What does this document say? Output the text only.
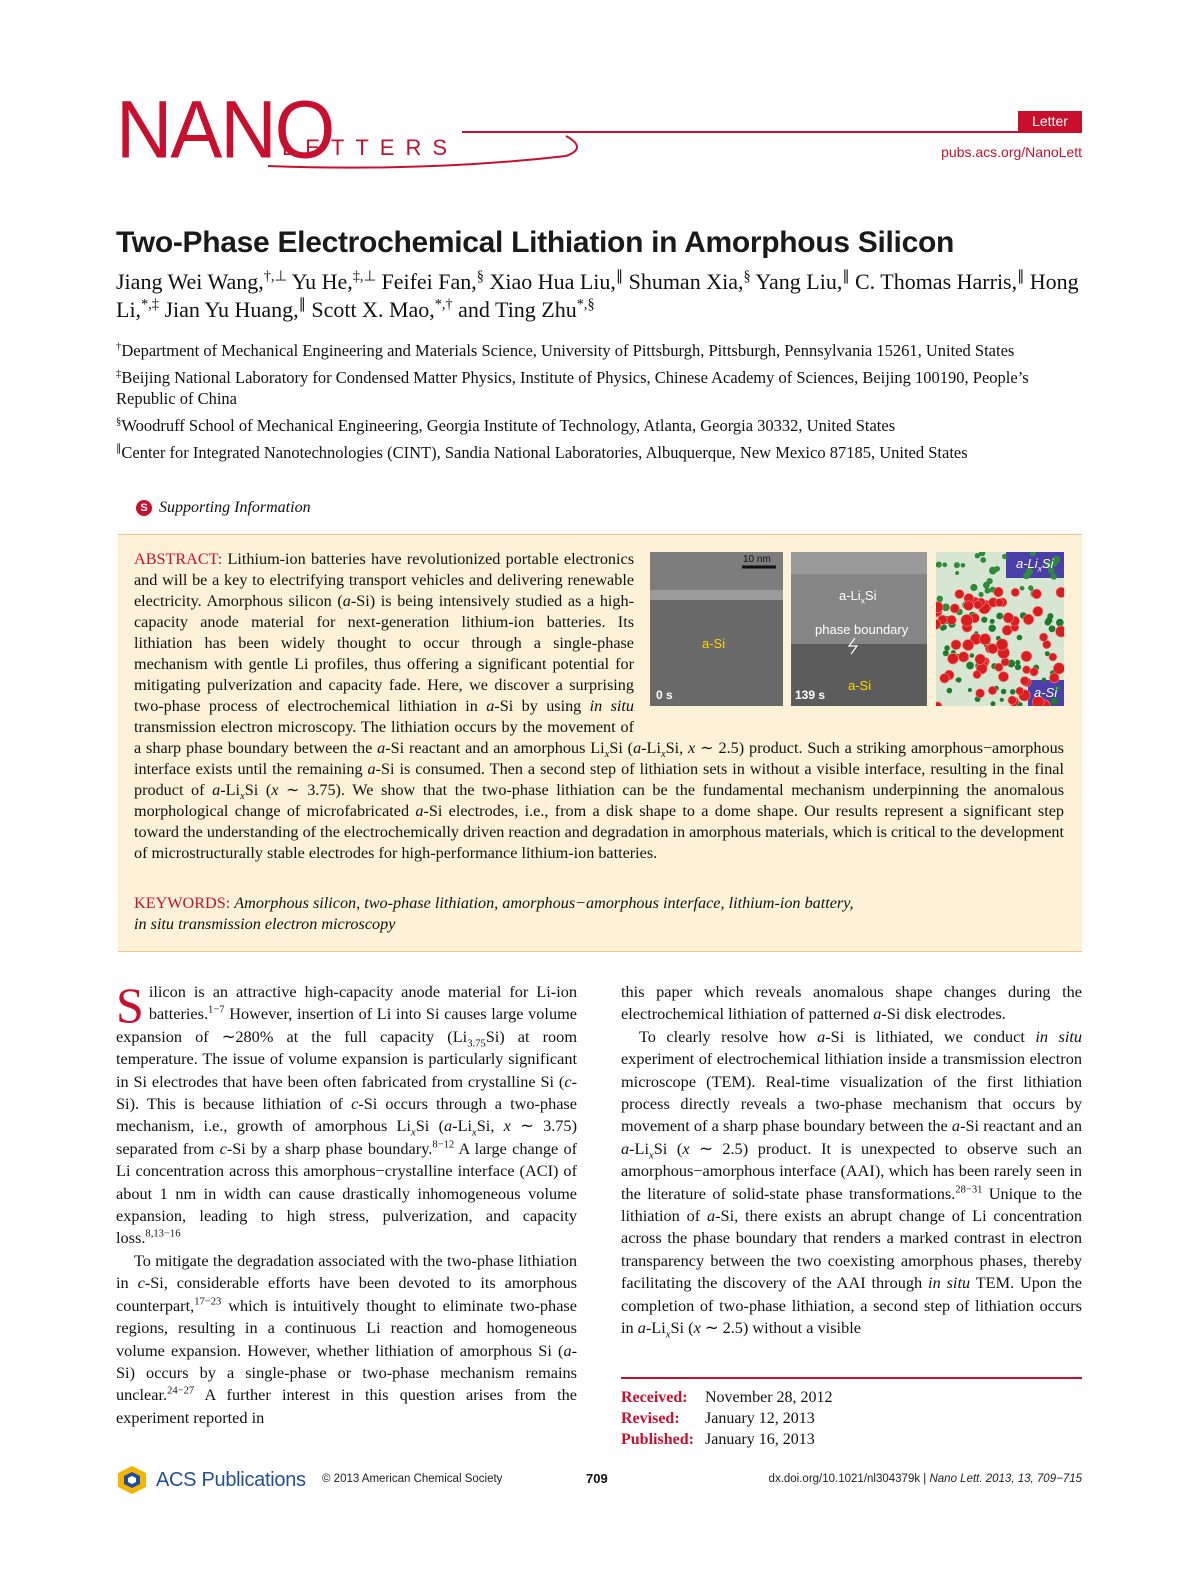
NANO
LETTERS
Letter
pubs.acs.org/NanoLett
Two-Phase Electrochemical Lithiation in Amorphous Silicon
Jiang Wei Wang,†,⊥ Yu He,‡,⊥ Feifei Fan,§ Xiao Hua Liu,∥ Shuman Xia,§ Yang Liu,∥ C. Thomas Harris,∥ Hong Li,*,‡ Jian Yu Huang,∥ Scott X. Mao,*,† and Ting Zhu*,§

†Department of Mechanical Engineering and Materials Science, University of Pittsburgh, Pittsburgh, Pennsylvania 15261, United States

‡Beijing National Laboratory for Condensed Matter Physics, Institute of Physics, Chinese Academy of Sciences, Beijing 100190, People’s Republic of China

§Woodruff School of Mechanical Engineering, Georgia Institute of Technology, Atlanta, Georgia 30332, United States

∥Center for Integrated Nanotechnologies (CINT), Sandia National Laboratories, Albuquerque, New Mexico 87185, United States

S Supporting Information
ABSTRACT: Lithium-ion batteries have revolutionized portable electronics and will be a key to electrifying transport vehicles and delivering renewable electricity. Amorphous silicon (a-Si) is being intensively studied as a high-capacity anode material for next-generation lithium-ion batteries. Its lithiation has been widely thought to occur through a single-phase mechanism with gentle Li profiles, thus offering a significant potential for mitigating pulverization and capacity fade. Here, we discover a surprising two-phase process of electrochemical lithiation in a-Si by using in situ transmission electron microscopy. The lithiation occurs by the movement of a sharp phase boundary between the a-Si reactant and an amorphous $Li_xSi$ ($a-Li_xSi$, x ∼ 2.5) product. Such a striking amorphous−amorphous interface exists until the remaining a-Si is consumed. Then a second step of lithiation sets in without a visible interface, resulting in the final product of $a-Li_xSi$ (x ∼ 3.75). We show that the two-phase lithiation can be the fundamental mechanism underpinning the anomalous morphological change of microfabricated a-Si electrodes, i.e., from a disk shape to a dome shape. Our results represent a significant step toward the understanding of the electrochemically driven reaction and degradation in amorphous materials, which is critical to the development of microstructurally stable electrodes for high-performance lithium-ion batteries.
KEYWORDS: Amorphous silicon, two-phase lithiation, amorphous−amorphous interface, lithium-ion battery,
in situ transmission electron microscopy
10 nm
a-Si
0 s
$a-Li_xSi$
phase boundary
a-Si
139 s
$a-Li_xSi$
a-Si

Silicon is an attractive high-capacity anode material for Li-ion batteries.$^{1-7}$ However, insertion of Li into Si causes large volume expansion of ∼280% at the full capacity $(Li_{3.75}Si)$ at room temperature. The issue of volume expansion is particularly significant in Si electrodes that have been often fabricated from crystalline Si (c-Si). This is because lithiation of c-Si occurs through a two-phase mechanism, i.e., growth of amorphous $Li_xSi$ ($a-Li_xSi$, x ∼ 3.75) separated from c-Si by a sharp phase boundary.$^{8-12}$ A large change of Li concentration across this amorphous−crystalline interface (ACI) of about 1 nm in width can cause drastically inhomogeneous volume expansion, leading to high stress, pulverization, and capacity loss.$^{8,13-16}$

To mitigate the degradation associated with the two-phase lithiation in c-Si, considerable efforts have been devoted to its amorphous counterpart,$^{17-23}$ which is intuitively thought to eliminate two-phase regions, resulting in a continuous Li reaction and homogeneous volume expansion. However, whether lithiation of amorphous Si (a-Si) occurs by a single-phase or two-phase mechanism remains unclear.$^{24-27}$ A further interest in this question arises from the experiment reported in

this paper which reveals anomalous shape changes during the electrochemical lithiation of patterned a-Si disk electrodes.

To clearly resolve how a-Si is lithiated, we conduct in situ experiment of electrochemical lithiation inside a transmission electron microscope (TEM). Real-time visualization of the first lithiation process directly reveals a two-phase mechanism that occurs by movement of a sharp phase boundary between the a-Si reactant and an $a-Li_xSi$ (x ∼ 2.5) product. It is unexpected to observe such an amorphous−amorphous interface (AAI), which has been rarely seen in the literature of solid-state phase transformations.$^{28-31}$ Unique to the lithiation of a-Si, there exists an abrupt change of Li concentration across the phase boundary that renders a marked contrast in electron transparency between the two coexisting amorphous phases, thereby facilitating the discovery of the AAI through in situ TEM. Upon the completion of two-phase lithiation, a second step of lithiation occurs in $a-Li_xSi$ (x ∼ 2.5) without a visible

Received:	November 28, 2012
Revised:	January 12, 2013
Published: January 16, 2013
ACS Publications © 2013 American Chemical Society	709	dx.doi.org/10.1021/nl304379k | Nano Lett. 2013, 13, 709−715
